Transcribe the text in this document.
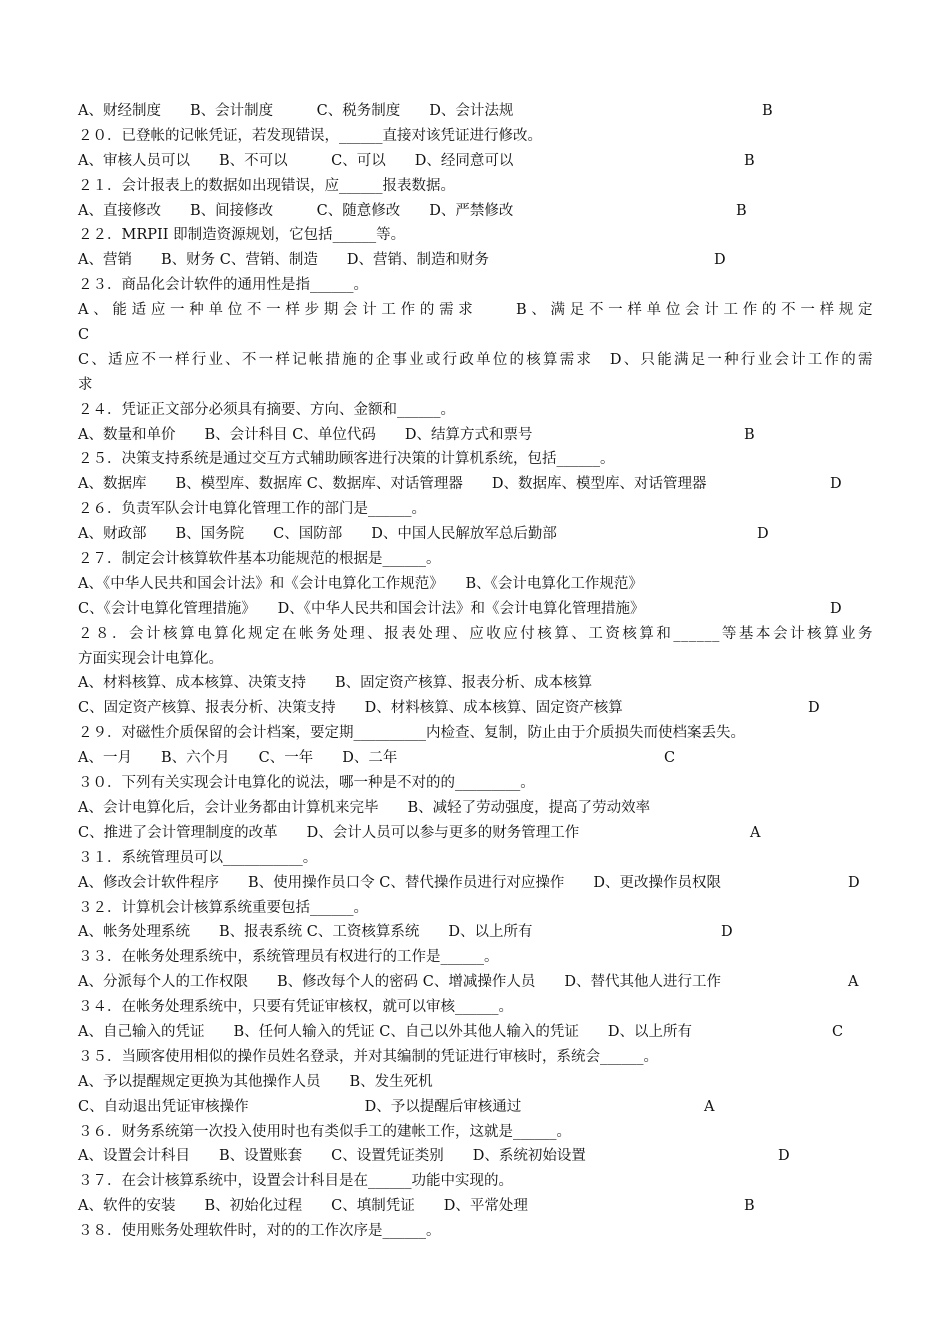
A、财经制度　　B、会计制度　　　C、税务制度　　D、会计法规	B
２０．已登帐的记帐凭证，若发现错误，______直接对该凭证进行修改。
A、审核人员可以　　B、不可以　　　C、可以　　D、经同意可以	B
２１．会计报表上的数据如出现错误，应______报表数据。
A、直接修改　　B、间接修改　　　C、随意修改　　D、严禁修改	B
２２．MRPII 即制造资源规划，它包括______等。
A、营销　　B、财务 C、营销、制造　　D、营销、制造和财务	D
２３．商品化会计软件的通用性是指______。
A、能适应一种单位不一样步期会计工作的需求　　B、满足不一样单位会计工作的不一样规定
C
C、适应不一样行业、不一样记帐措施的企事业或行政单位的核算需求　D、只能满足一种行业会计工作的需
求
２４．凭证正文部分必须具有摘要、方向、金额和______。
A、数量和单价　　B、会计科目 C、单位代码　　D、结算方式和票号	B
２５．决策支持系统是通过交互方式辅助顾客进行决策的计算机系统，包括______。
A、数据库　　B、模型库、数据库 C、数据库、对话管理器　　D、数据库、模型库、对话管理器	D
２６．负责军队会计电算化管理工作的部门是______。
A、财政部　　B、国务院　　C、国防部　　D、中国人民解放军总后勤部	D
２７．制定会计核算软件基本功能规范的根据是______。
A、《中华人民共和国会计法》和《会计电算化工作规范》　　B、《会计电算化工作规范》
C、《会计电算化管理措施》　　D、《中华人民共和国会计法》和《会计电算化管理措施》	D
２８．会计核算电算化规定在帐务处理、报表处理、应收应付核算、工资核算和______等基本会计核算业务
方面实现会计电算化。
A、材料核算、成本核算、决策支持　　B、固定资产核算、报表分析、成本核算
C、固定资产核算、报表分析、决策支持　　D、材料核算、成本核算、固定资产核算	D
２９．对磁性介质保留的会计档案，要定期__________内检查、复制，防止由于介质损失而使档案丢失。
A、一月　　B、六个月　　C、一年　　D、二年	C
３０．下列有关实现会计电算化的说法，哪一种是不对的的_________。
A、会计电算化后，会计业务都由计算机来完毕　　B、减轻了劳动强度，提高了劳动效率
C、推进了会计管理制度的改革　　D、会计人员可以参与更多的财务管理工作	A
３１．系统管理员可以___________。
A、修改会计软件程序　　B、使用操作员口令 C、替代操作员进行对应操作　　D、更改操作员权限	D
３２．计算机会计核算系统重要包括______。
A、帐务处理系统　　B、报表系统 C、工资核算系统　　D、以上所有	D
３３．在帐务处理系统中，系统管理员有权进行的工作是______。
A、分派每个人的工作权限　　B、修改每个人的密码 C、增减操作人员　　D、替代其他人进行工作	A
３４．在帐务处理系统中，只要有凭证审核权，就可以审核______。
A、自己输入的凭证　　B、任何人输入的凭证 C、自己以外其他人输入的凭证　　D、以上所有	C
３５．当顾客使用相似的操作员姓名登录，并对其编制的凭证进行审核时，系统会______。
A、予以提醒规定更换为其他操作人员　　B、发生死机
C、自动退出凭证审核操作　　　　　　　　D、予以提醒后审核通过	A
３６．财务系统第一次投入使用时也有类似手工的建帐工作，这就是______。
A、设置会计科目　　B、设置账套　　C、设置凭证类别　　D、系统初始设置	D
３７．在会计核算系统中，设置会计科目是在______功能中实现的。
A、软件的安装　　B、初始化过程　　C、填制凭证　　D、平常处理	B
３８．使用账务处理软件时，对的的工作次序是______。
